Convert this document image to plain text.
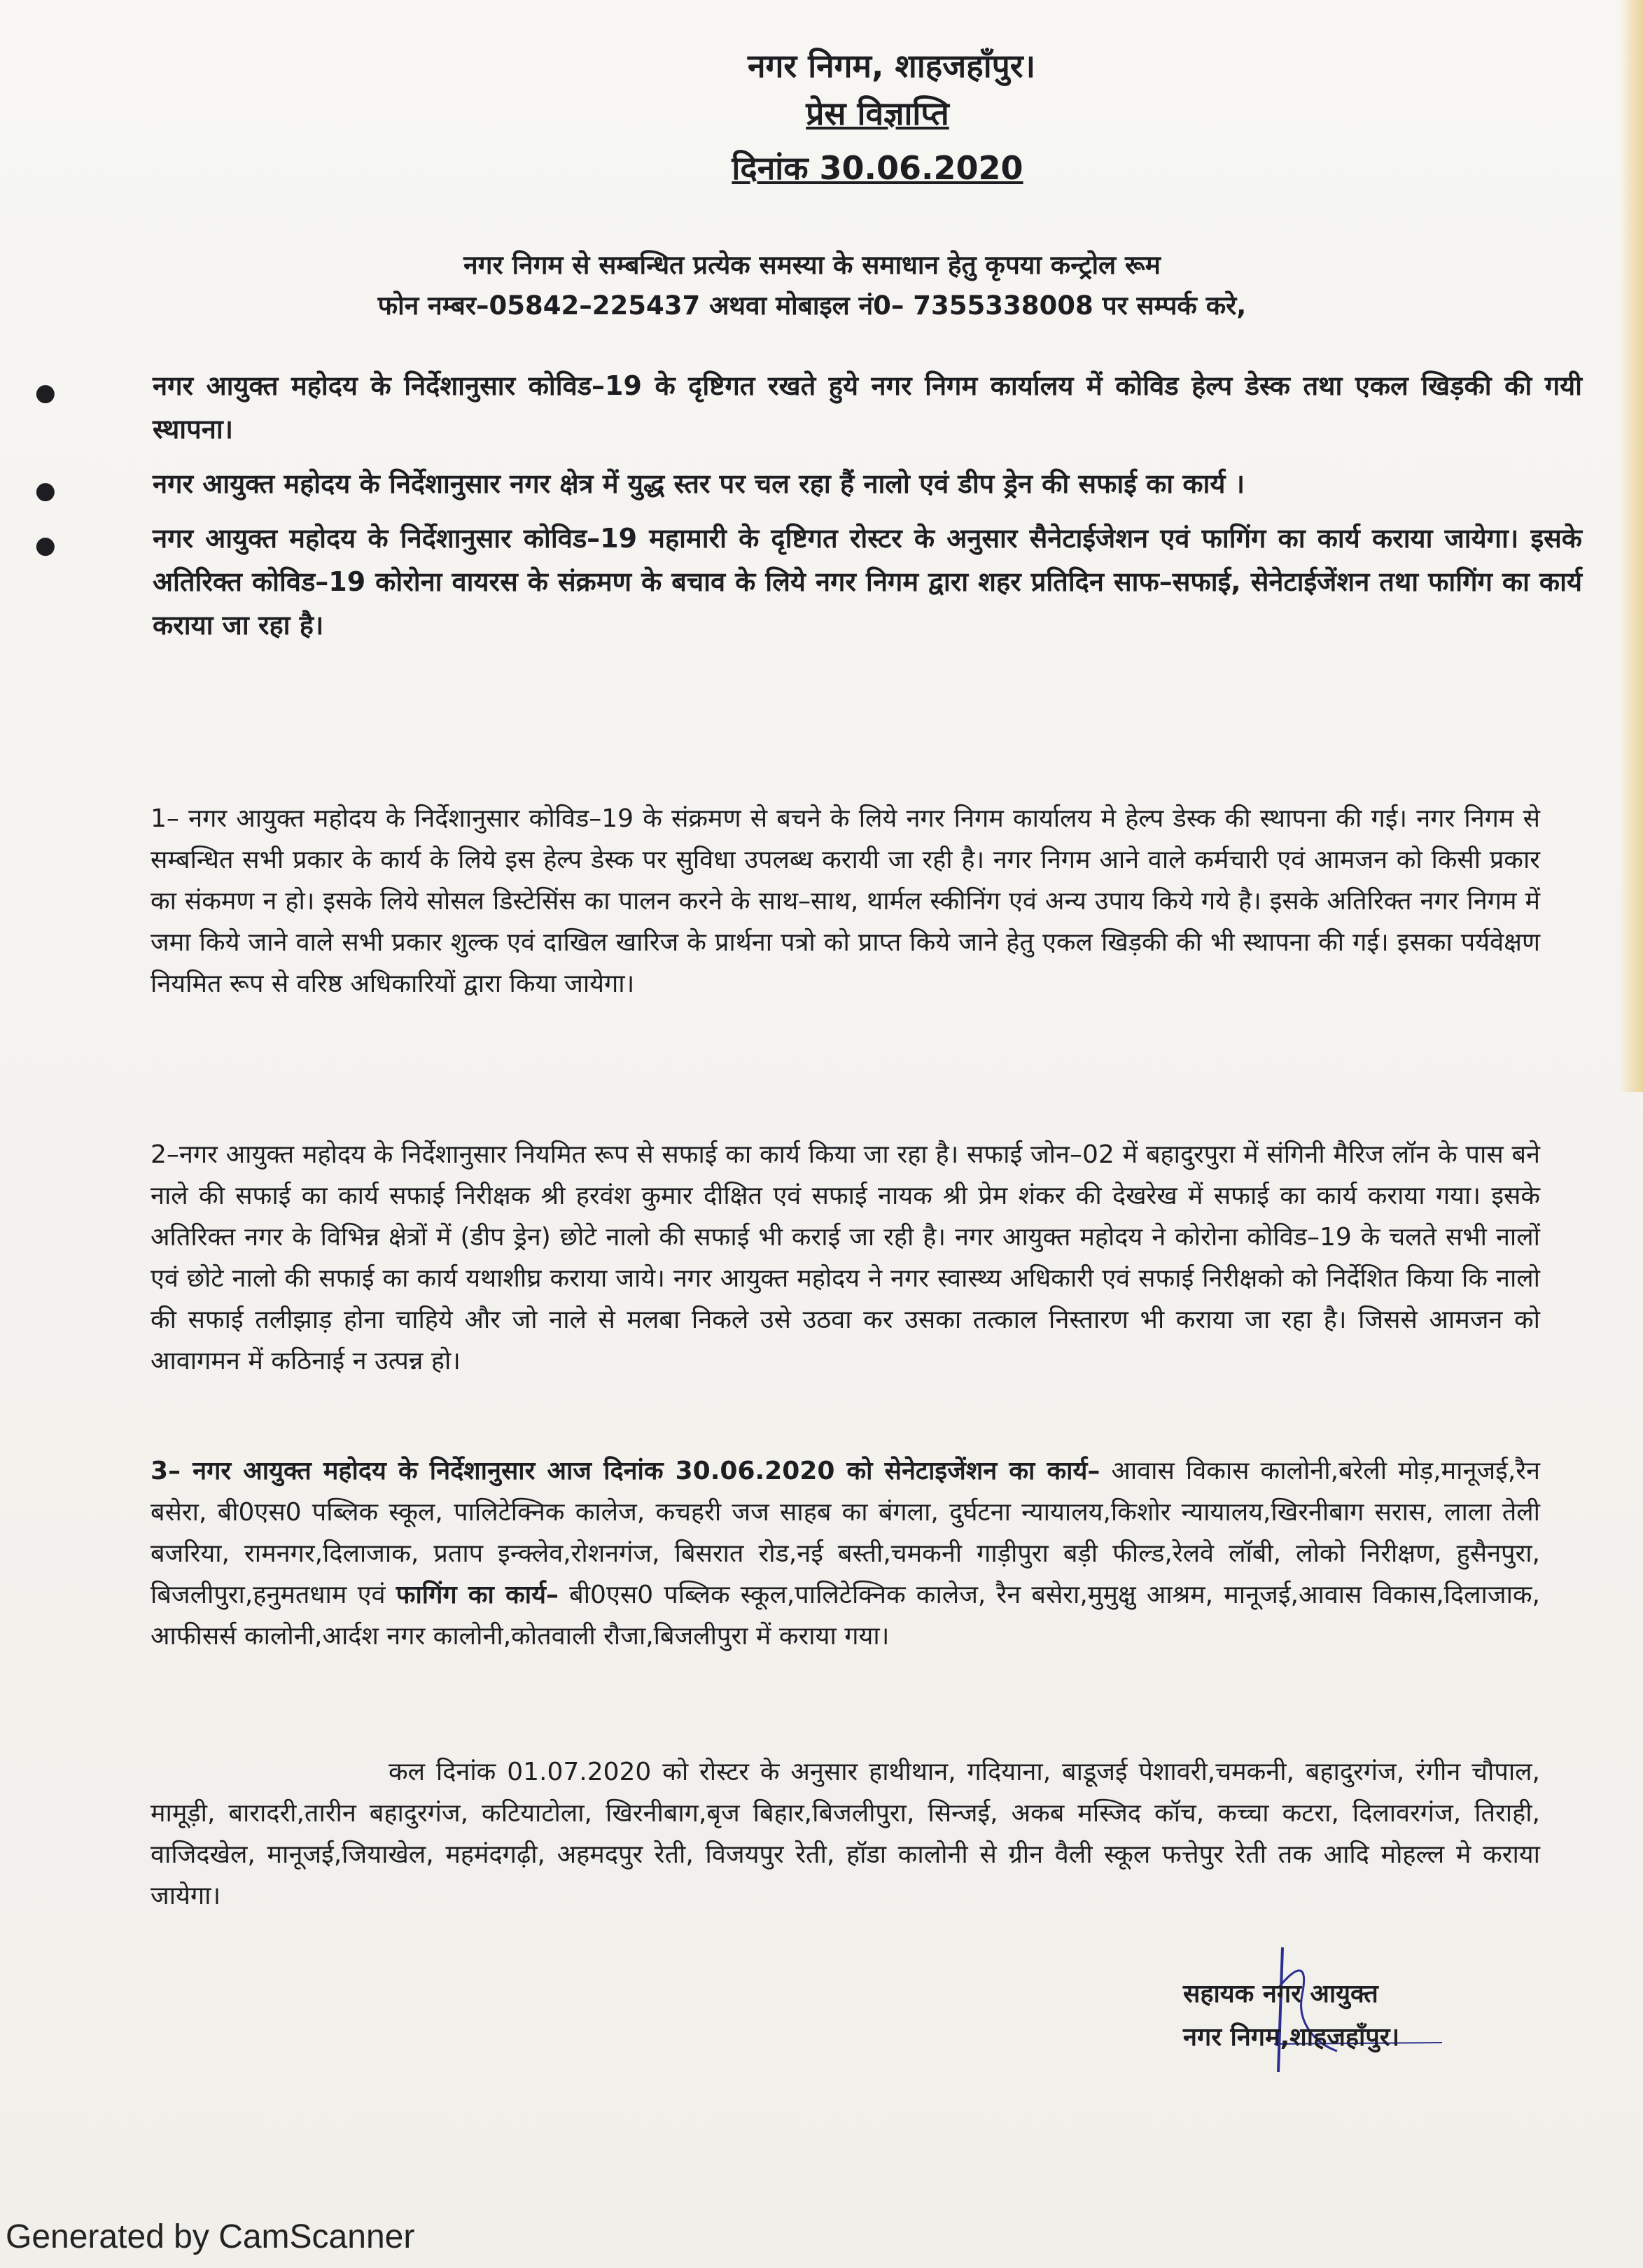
नगर निगम, शाहजहाँपुर।
प्रेस विज्ञाप्ति
दिनांक 30.06.2020
नगर निगम से सम्बन्धित प्रत्येक समस्या के समाधान हेतु कृपया कन्ट्रोल रूम
फोन नम्बर–05842–225437 अथवा मोबाइल नं0– 7355338008 पर सम्पर्क करे,
●	नगर आयुक्त महोदय के निर्देशानुसार कोविड–19 के दृष्टिगत रखते हुये नगर निगम कार्यालय में कोविड हेल्प डेस्क तथा एकल खिड़की की गयी स्थापना।
●	नगर आयुक्त महोदय के निर्देशानुसार नगर क्षेत्र में युद्ध स्तर पर चल रहा हैं नालो एवं डीप ड्रेन की सफाई का कार्य ।
●	नगर आयुक्त महोदय के निर्देशानुसार कोविड–19 महामारी के दृष्टिगत रोस्टर के अनुसार सैनेटाईजेशन एवं फागिंग का कार्य कराया जायेगा। इसके अतिरिक्त कोविड–19 कोरोना वायरस के संक्रमण के बचाव के लिये नगर निगम द्वारा शहर प्रतिदिन साफ–सफाई, सेनेटाईजेंशन तथा फागिंग का कार्य कराया जा रहा है।
1– नगर आयुक्त महोदय के निर्देशानुसार कोविड–19 के संक्रमण से बचने के लिये नगर निगम कार्यालय मे हेल्प डेस्क की स्थापना की गई। नगर निगम से सम्बन्धित सभी प्रकार के कार्य के लिये इस हेल्प डेस्क पर सुविधा उपलब्ध करायी जा रही है। नगर निगम आने वाले कर्मचारी एवं आमजन को किसी प्रकार का संकमण न हो। इसके लिये सोसल डिस्टेसिंस का पालन करने के साथ–साथ, थार्मल स्कीनिंग एवं अन्य उपाय किये गये है। इसके अतिरिक्त नगर निगम में जमा किये जाने वाले सभी प्रकार शुल्क एवं दाखिल खारिज के प्रार्थना पत्रो को प्राप्त किये जाने हेतु एकल खिड़की की भी स्थापना की गई। इसका पर्यवेक्षण नियमित रूप से वरिष्ठ अधिकारियों द्वारा किया जायेगा।
2–नगर आयुक्त महोदय के निर्देशानुसार नियमित रूप से सफाई का कार्य किया जा रहा है। सफाई जोन–02 में बहादुरपुरा में संगिनी मैरिज लॉन के पास बने नाले की सफाई का कार्य सफाई निरीक्षक श्री हरवंश कुमार दीक्षित एवं सफाई नायक श्री प्रेम शंकर की देखरेख में सफाई का कार्य कराया गया। इसके अतिरिक्त नगर के विभिन्न क्षेत्रों में (डीप ड्रेन) छोटे नालो की सफाई भी कराई जा रही है। नगर आयुक्त महोदय ने कोरोना कोविड–19 के चलते सभी नालों एवं छोटे नालो की सफाई का कार्य यथाशीघ्र कराया जाये। नगर आयुक्त महोदय ने नगर स्वास्थ्य अधिकारी एवं सफाई निरीक्षको को निर्देशित किया कि नालो की सफाई तलीझाड़ होना चाहिये और जो नाले से मलबा निकले उसे उठवा कर उसका तत्काल निस्तारण भी कराया जा रहा है। जिससे आमजन को आवागमन में कठिनाई न उत्पन्न हो।
3– नगर आयुक्त महोदय के निर्देशानुसार आज दिनांक 30.06.2020 को सेनेटाइजेंशन का कार्य– आवास विकास कालोनी,बरेली मोड़,मानूजई,रैन बसेरा, बी0एस0 पब्लिक स्कूल, पालिटेक्निक कालेज, कचहरी जज साहब का बंगला, दुर्घटना न्यायालय,किशोर न्यायालय,खिरनीबाग सरास, लाला तेली बजरिया, रामनगर,दिलाजाक, प्रताप इन्क्लेव,रोशनगंज, बिसरात रोड,नई बस्ती,चमकनी गाड़ीपुरा बड़ी फील्ड,रेलवे लॉबी, लोको निरीक्षण, हुसैनपुरा, बिजलीपुरा,हनुमतधाम एवं फागिंग का कार्य– बी0एस0 पब्लिक स्कूल,पालिटेक्निक कालेज, रैन बसेरा,मुमुक्षु आश्रम, मानूजई,आवास विकास,दिलाजाक, आफीसर्स कालोनी,आर्दश नगर कालोनी,कोतवाली रौजा,बिजलीपुरा में कराया गया।
कल दिनांक 01.07.2020 को रोस्टर के अनुसार हाथीथान, गदियाना, बाडूजई पेशावरी,चमकनी, बहादुरगंज, रंगीन चौपाल, मामूड़ी, बारादरी,तारीन बहादुरगंज, कटियाटोला, खिरनीबाग,बृज बिहार,बिजलीपुरा, सिन्जई, अकब मस्जिद कॉच, कच्चा कटरा, दिलावरगंज, तिराही, वाजिदखेल, मानूजई,जियाखेल, महमंदगढ़ी, अहमदपुर रेती, विजयपुर रेती, हॉडा कालोनी से ग्रीन वैली स्कूल फत्तेपुर रेती तक आदि मोहल्ल मे कराया जायेगा।
सहायक नगर आयुक्त
नगर निगम,शाहजहाँपुर।
Generated by CamScanner
